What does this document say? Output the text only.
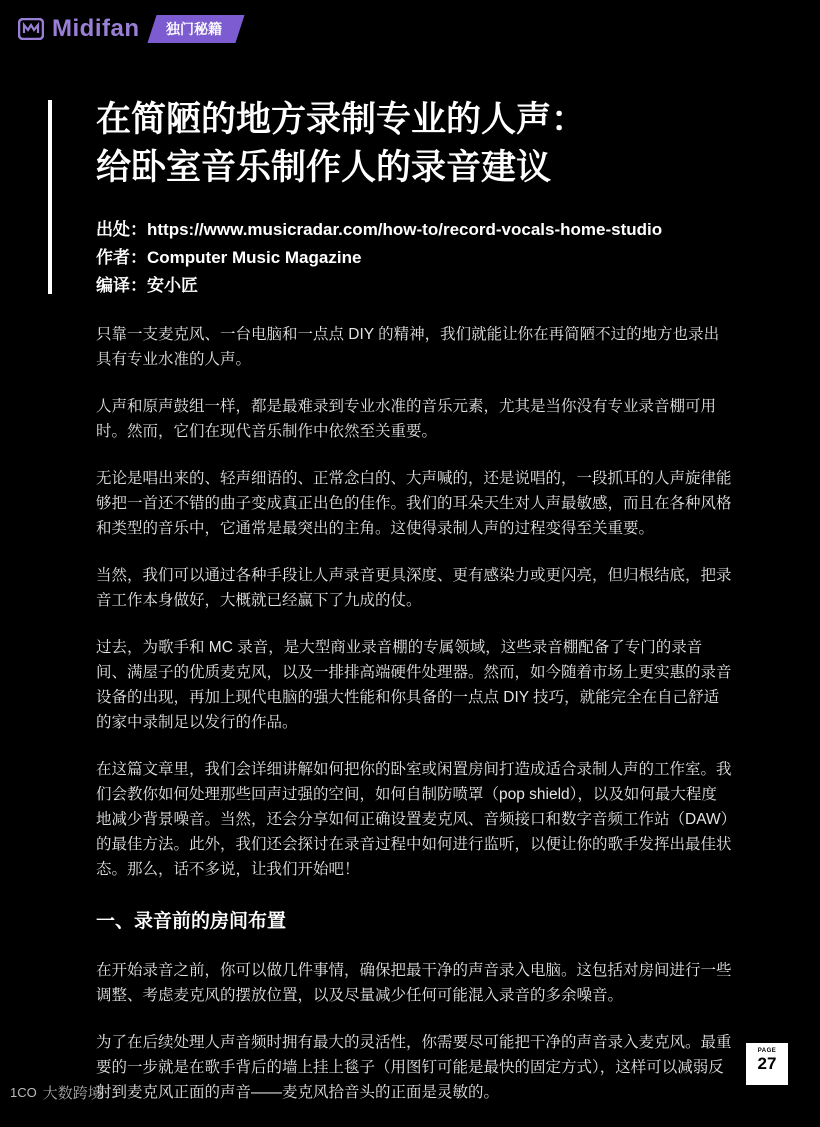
Midifan	独门秘籍
在简陋的地方录制专业的人声：
给卧室音乐制作人的录音建议
出处：https://www.musicradar.com/how-to/record-vocals-home-studio
作者：Computer Music Magazine
编译：安小匠

只靠一支麦克风、一台电脑和一点点 DIY 的精神，我们就能让你在再简陋不过的地方也录出具有专业水准的人声。

人声和原声鼓组一样，都是最难录到专业水准的音乐元素，尤其是当你没有专业录音棚可用时。然而，它们在现代音乐制作中依然至关重要。

无论是唱出来的、轻声细语的、正常念白的、大声喊的，还是说唱的，一段抓耳的人声旋律能够把一首还不错的曲子变成真正出色的佳作。我们的耳朵天生对人声最敏感，而且在各种风格和类型的音乐中，它通常是最突出的主角。这使得录制人声的过程变得至关重要。

当然，我们可以通过各种手段让人声录音更具深度、更有感染力或更闪亮，但归根结底，把录音工作本身做好，大概就已经赢下了九成的仗。

过去，为歌手和 MC 录音，是大型商业录音棚的专属领域，这些录音棚配备了专门的录音间、满屋子的优质麦克风，以及一排排高端硬件处理器。然而，如今随着市场上更实惠的录音设备的出现，再加上现代电脑的强大性能和你具备的一点点 DIY 技巧，就能完全在自己舒适的家中录制足以发行的作品。

在这篇文章里，我们会详细讲解如何把你的卧室或闲置房间打造成适合录制人声的工作室。我们会教你如何处理那些回声过强的空间，如何自制防喷罩（pop shield），以及如何最大程度地减少背景噪音。当然，还会分享如何正确设置麦克风、音频接口和数字音频工作站（DAW）的最佳方法。此外，我们还会探讨在录音过程中如何进行监听，以便让你的歌手发挥出最佳状态。那么，话不多说，让我们开始吧！

一、录音前的房间布置

在开始录音之前，你可以做几件事情，确保把最干净的声音录入电脑。这包括对房间进行一些调整、考虑麦克风的摆放位置，以及尽量减少任何可能混入录音的多余噪音。

为了在后续处理人声音频时拥有最大的灵活性，你需要尽可能把干净的声音录入麦克风。最重要的一步就是在歌手背后的墙上挂上毯子（用图钉可能是最快的固定方式），这样可以减弱反射到麦克风正面的声音——麦克风拾音头的正面是灵敏的。

PAGE
27
1CO 大数跨境
